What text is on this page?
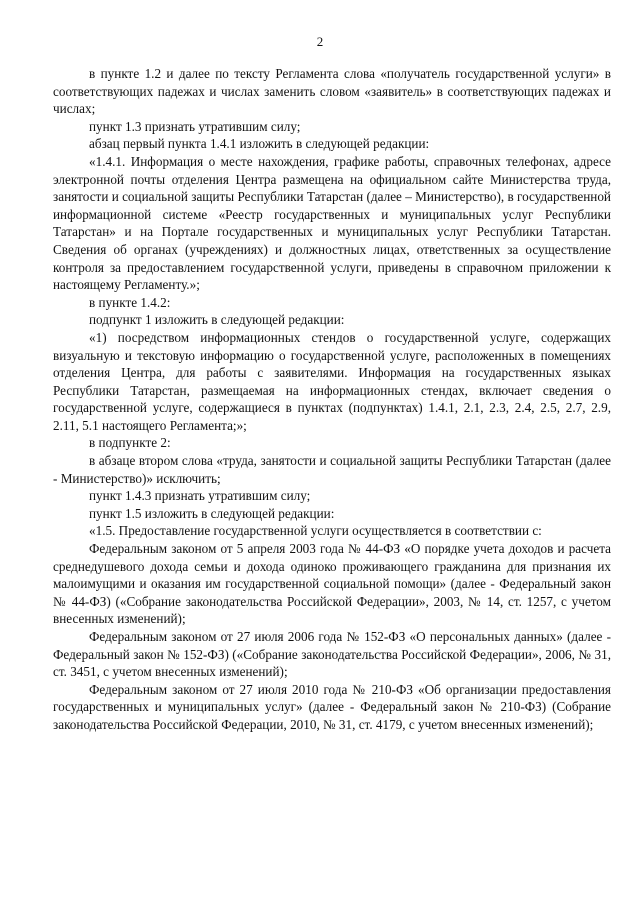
2

в пункте 1.2 и далее по тексту Регламента слова «получатель государственной услуги» в соответствующих падежах и числах заменить словом «заявитель» в соответствующих падежах и числах;

пункт 1.3 признать утратившим силу;

абзац первый пункта 1.4.1 изложить в следующей редакции:

«1.4.1. Информация о месте нахождения, графике работы, справочных телефонах, адресе электронной почты отделения Центра размещена на официальном сайте Министерства труда, занятости и социальной защиты Республики Татарстан (далее – Министерство), в государственной информационной системе «Реестр государственных и муниципальных услуг Республики Татарстан» и на Портале государственных и муниципальных услуг Республики Татарстан. Сведения об органах (учреждениях) и должностных лицах, ответственных за осуществление контроля за предоставлением государственной услуги, приведены в справочном приложении к настоящему Регламенту.»;

в пункте 1.4.2:

подпункт 1 изложить в следующей редакции:

«1) посредством информационных стендов о государственной услуге, содержащих визуальную и текстовую информацию о государственной услуге, расположенных в помещениях отделения Центра, для работы с заявителями. Информация на государственных языках Республики Татарстан, размещаемая на информационных стендах, включает сведения о государственной услуге, содержащиеся в пунктах (подпунктах) 1.4.1, 2.1, 2.3, 2.4, 2.5, 2.7, 2.9, 2.11, 5.1 настоящего Регламента;»;

в подпункте 2:

в абзаце втором слова «труда, занятости и социальной защиты Республики Татарстан (далее - Министерство)» исключить;

пункт 1.4.3 признать утратившим силу;

пункт 1.5 изложить в следующей редакции:

«1.5. Предоставление государственной услуги осуществляется в соответствии с:

Федеральным законом от 5 апреля 2003 года № 44-ФЗ «О порядке учета доходов и расчета среднедушевого дохода семьи и дохода одиноко проживающего гражданина для признания их малоимущими и оказания им государственной социальной помощи» (далее - Федеральный закон № 44-ФЗ) («Собрание законодательства Российской Федерации», 2003, № 14, ст. 1257, с учетом внесенных изменений);

Федеральным законом от 27 июля 2006 года № 152-ФЗ «О персональных данных» (далее - Федеральный закон № 152-ФЗ) («Собрание законодательства Российской Федерации», 2006, № 31, ст. 3451, с учетом внесенных изменений);

Федеральным законом от 27 июля 2010 года № 210-ФЗ «Об организации предоставления государственных и муниципальных услуг» (далее - Федеральный закон № 210-ФЗ) (Собрание законодательства Российской Федерации, 2010, № 31, ст. 4179, с учетом внесенных изменений);
